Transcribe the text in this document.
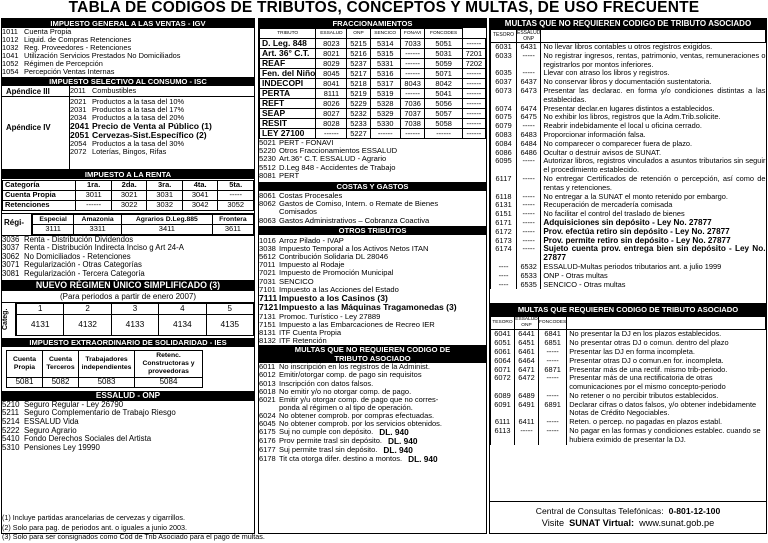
TABLA DE CÓDIGOS DE TRIBUTOS, CONCEPTOS Y MULTAS, DE USO FRECUENTE
IMPUESTO GENERAL A LAS VENTAS - IGV
1011 Cuenta Propia
1012 Liquid. de Compras Retenciones
1032 Reg. Proveedores - Retenciones
1041 Utilización Servicios Prestados No Domiciliados
1052 Régimen de Percepción
1054 Percepción Ventas Internas
IMPUESTO SELECTIVO AL CONSUMO - ISC
Apéndice III
Apéndice IV
2011 Combustibles
2021 Productos a la tasa del 10%
2031 Productos a la tasa del 17%
2034 Productos a la tasa del 20%
2041 Precio de Venta al Público (1)
2051 Cervezas-Sist.Específico (2)
2054 Productos a la tasa del 30%
2072 Loterías, Bingos, Rifas
IMPUESTO A LA RENTA
Categoría	1ra.	2da.	3ra.	4ta.	5ta.
Cuenta Propia	3011	3021	3031	3041	-----
Retenciones	------	3022	3032	3042	3052
Régi-	Especial	Amazonia	Agrarios D.Leg.885	Frontera
3111	3311	3411	3611
3036 Renta - Distribución Dividendos
3037 Renta - Distribución Indirecta Inciso g Art 24-A
3062 No Domiciliados - Retenciones
3071 Regularización - Otras Categorías
3081 Regularización - Tercera Categoría
NUEVO RÉGIMEN ÚNICO SIMPLIFICADO (3)
(Para periodos a partir de enero 2007)
Categ.
1	2	3	4	5
4131	4132	4133	4134	4135
IMPUESTO EXTRAORDINARIO DE SOLIDARIDAD - IES
Cuenta Propia	Cuenta Terceros	Trabajadores independientes	Retenc. Constructoras y proveedoras
5081	5082	5083	5084
ESSALUD - ONP
5210 Seguro Regular - Ley 26790
5211 Seguro Complementario de Trabajo Riesgo
5214 ESSALUD Vida
5222 Seguro Agrario
5410 Fondo Derechos Sociales del Artista
5310 Pensiones Ley 19990
FRACCIONAMIENTOS
TRIBUTO	ESSALUD	ONP	SENCICO	FONAVI	FONCODES	
D. Leg. 848	8023	5215	5314	7033	5051	------
Art. 36° C.T.	8021	5216	5315	------	5031	7201
REAF	8029	5237	5331	------	5059	7202
Fen. del Niño	8045	5217	5316	------	5071	------
INDECOPI	8041	5218	5317	8043	8042	------
PERTA	8111	5219	5319	------	5041	------
REFT	8026	5229	5328	7036	5056	------
SEAP	8027	5232	5329	7037	5057	------
RESIT	8028	5233	5330	7038	5058	------
LEY 27100	------	5227	------	------	------	------
5021 PERT - FONAVI
5220 Otros Fraccionamientos ESSALUD
5230 Art.36° C.T. ESSALUD - Agrario
5512 D.Leg 848 - Accidentes de Trabajo
8081 PERT
COSTAS Y GASTOS
8061 Costas Procesales
8062 Gastos de Comiso, Intern. o Remate de Bienes Comisados
8063 Gastos Administrativos – Cobranza Coactiva
OTROS TRIBUTOS
1016 Arroz Pilado - IVAP
3038 Impuesto Temporal a los Activos Netos ITAN
5612 Contribución Solidaria DL 28046
7011 Impuesto al Rodaje
7021 Impuesto de Promoción Municipal
7031 SENCICO
7101 Impuesto a las Acciones del Estado
7111 Impuesto a los Casinos (3)
7121 Impuesto a las Máquinas Tragamonedas (3)
7131 Promoc. Turístico - Ley 27889
7151 Impuesto a las Embarcaciones de Recreo IER
8131 ITF Cuenta Propia
8132 ITF Retención
MULTAS QUE NO REQUIEREN CODIGO DE TRIBUTO ASOCIADO
6011 No inscripción en los registros de la Administ.
6012 Emitir/otorgar comp. de pago sin requisitos
6013 Inscripción con datos falsos.
6018 No emitir y/o no otorgar comp. de pago.
6021 Emitir y/u otorgar comp. de pago que no corres-
ponda al régimen o al tipo de operación.
6024 No obtener comprob. por compras efectuadas.
6045 No obtener comprob. por los servicios obtenidos.
6175 Suj no cumple con depósito. DL. 940
6176 Prov permite trasl sin depósito. DL. 940
6177 Suj permite trasl sin depósito. DL. 940
6178 Tit cta otorga difer. destino a montos. DL. 940
MULTAS QUE NO REQUIEREN CODIGO DE TRIBUTO ASOCIADO
TESORO	ESSALUD ONP	
6031	6431	No llevar libros contables u otros registros exigidos.
6033	-----	No registrar ingresos, rentas, patrimonio, ventas, remuneraciones o registrarlos por montos inferiores.
6035	-----	Llevar con atraso los libros y registros.
6037	6437	No conservar libros y documentación sustentatoria.
6073	6473	Presentar las declarac. en forma y/o condiciones distintas a las establecidas.
6074	6474	Presentar declar.en lugares distintos a establecidos.
6075	6475	No exhibir los libros, registros que la Adm.Trib.solicite.
6079	-----	Reabrir indebidamente el local u oficina cerrado.
6083	6483	Proporcionar información falsa.
6084	6484	No comparecer o comparecer fuera de plazo.
6086	6486	Ocultar o destruir avisos de SUNAT.
6095	-----	Autorizar libros, registros vinculados a asuntos tributarios sin seguir el procedimiento establecido.
6117	-----	No entregar Certificados de retención o percepción, así como de rentas y retenciones.
6118	-----	No entregar a la SUNAT el monto retenido por embargo.
6131	-----	Recuperación de mercadería comisada
6151	-----	No facilitar el control del traslado de bienes
6171	-----	Adquisiciones sin depósito - Ley No. 27877
6172	-----	Prov. efectúa retiro sin depósito - Ley No. 27877
6173	-----	Prov. permite retiro sin depósito - Ley No. 27877
6174	-----	Sujeto cuenta prov. entrega bien sin depósito - Ley No. 27877
----	6532	ESSALUD-Multas periodos tributarios ant. a julio 1999
----	6533	ONP - Otras multas
----	6535	SENCICO - Otras multas
MULTAS QUE REQUIEREN CODIGO DE TRIBUTO ASOCIADO
TESORO	ESSALUD ONP	FONCODES	
6041	6441	6841	No presentar la DJ en los plazos establecidos.
6051	6451	6851	No presentar otras DJ o comun. dentro del plazo
6061	6461	-----	Presentar las DJ en forma incompleta.
6064	6464	-----	Presentar otras DJ o comun.en for. incompleta.
6071	6471	6871	Presentar más de una rectif. mismo trib-periodo.
6072	6472	-----	Presentar más de una rectificatoria de otras comunicaciones por el mismo concepto-periodo
6089	6489	-----	No retener o no percibir tributos establecidos.
6091	6491	6891	Declarar cifras o datos falsos, y/o obtener indebidamente Notas de Crédito Negociables.
6111	6411	-----	Reten. o percep. no pagadas en plazos establ.
6113	-----	-----	No pagar en las formas y condiciones establec. cuando se hubiera eximido de presentar la DJ.
Central de Consultas Telefónicas: 0-801-12-100
Visite SUNAT Virtual: www.sunat.gob.pe
(1) Incluye partidas arancelarias de cervezas y cigarrillos.
(2) Solo para pag. de periodos ant. o iguales a junio 2003.
(3) Solo para ser consignados como Cód de Trib Asociado para el pago de multas.
